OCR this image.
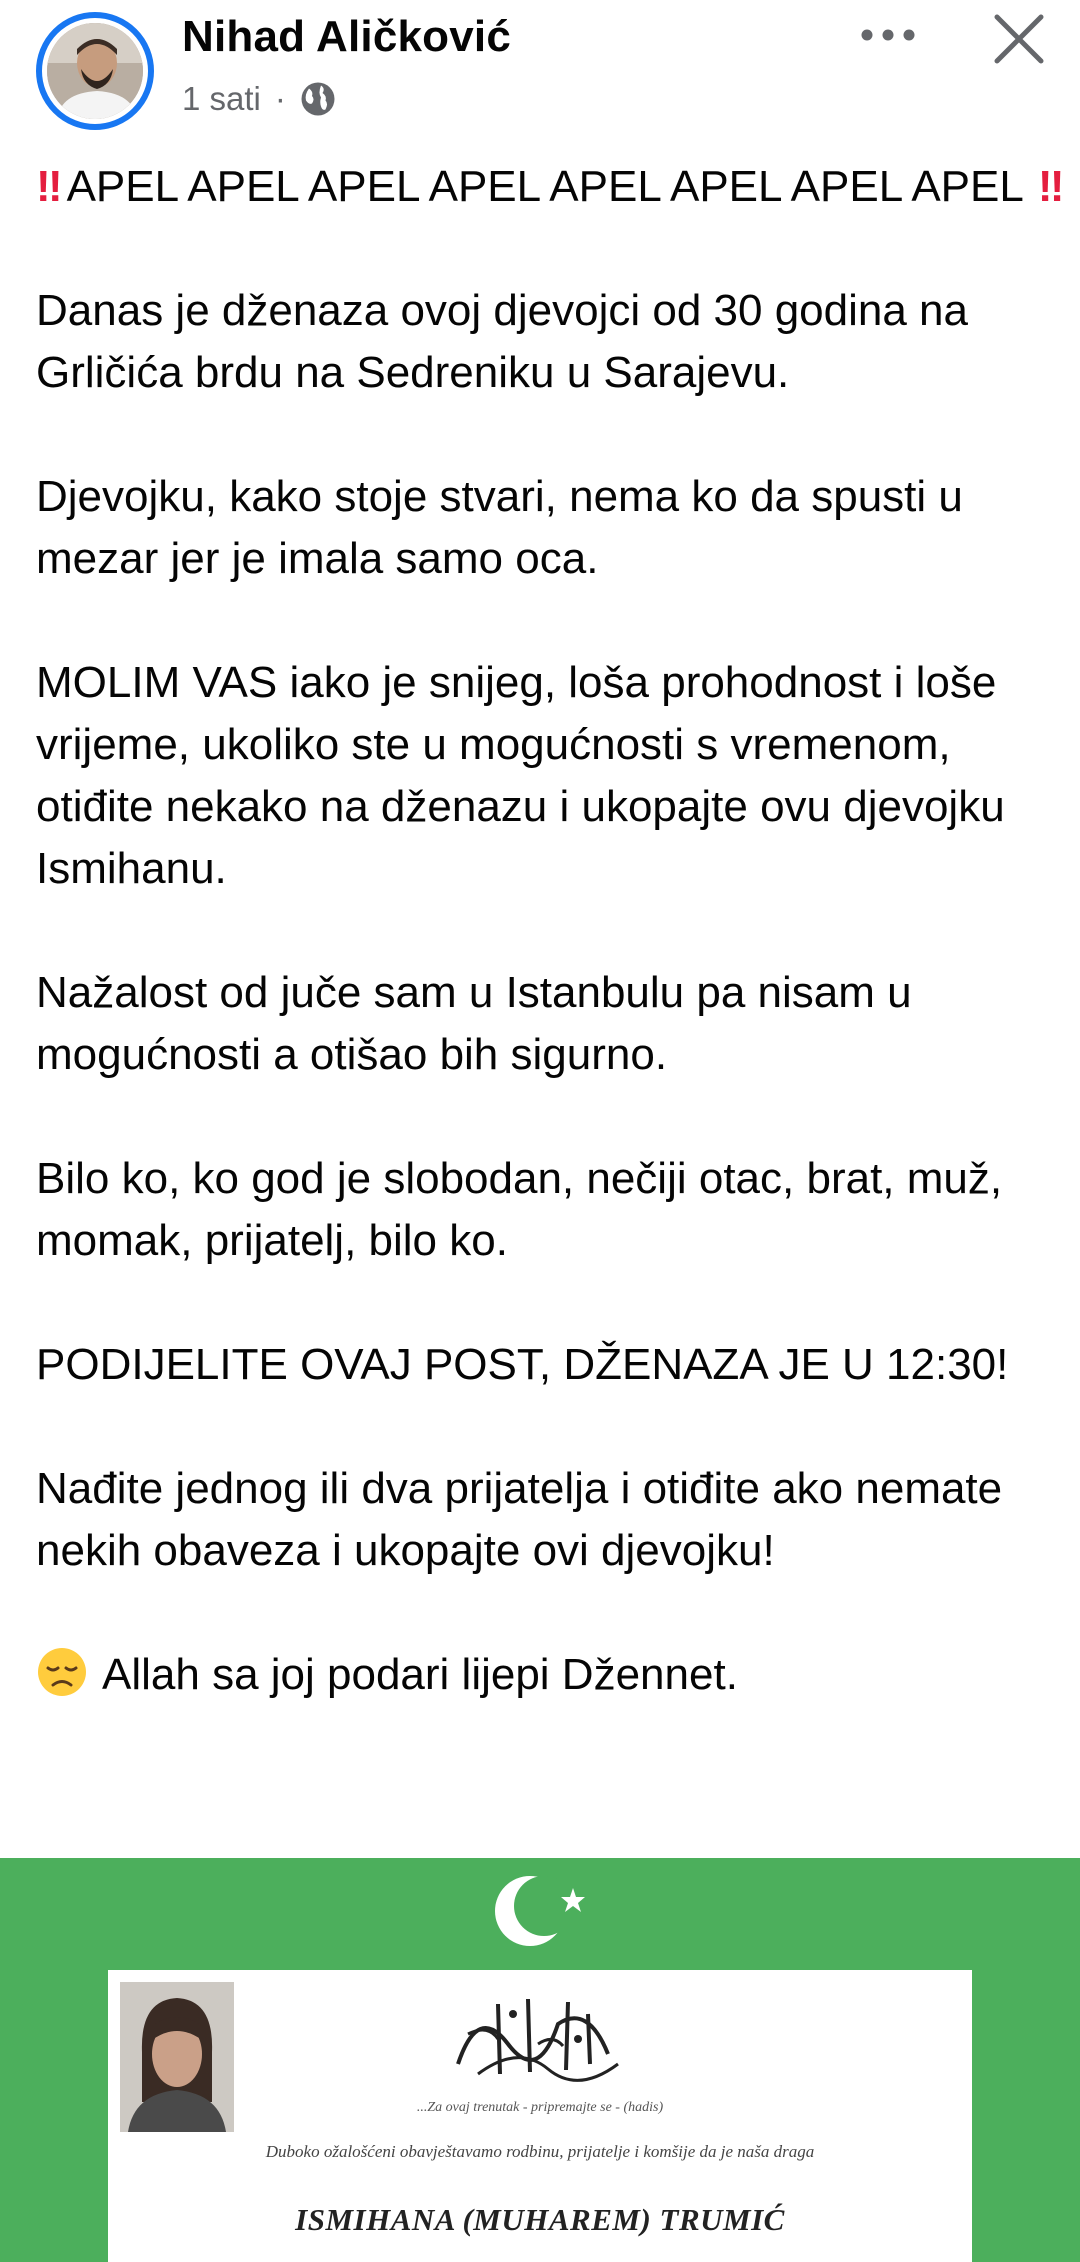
Nihad Aličković
1 sati ·

‼ APEL APEL APEL APEL APEL APEL APEL APEL ‼

Danas je dženaza ovoj djevojci od 30 godina na Grličića brdu na Sedreniku u Sarajevu.

Djevojku, kako stoje stvari, nema ko da spusti u mezar jer je imala samo oca.

MOLIM VAS iako je snijeg, loša prohodnost i loše vrijeme, ukoliko ste u mogućnosti s vremenom, otiđite nekako na dženazu i ukopajte ovu djevojku Ismihanu.

Nažalost od juče sam u Istanbulu pa nisam u mogućnosti a otišao bih sigurno.

Bilo ko, ko god je slobodan, nečiji otac, brat, muž, momak, prijatelj, bilo ko.

PODIJELITE OVAJ POST, DŽENAZA JE U 12:30!

Nađite jednog ili dva prijatelja i otiđite ako nemate nekih obaveza i ukopajte ovi djevojku!

Allah sa joj podari lijepi Džennet.

...Za ovaj trenutak - pripremajte se - (hadis)
Duboko ožalošćeni obavještavamo rodbinu, prijatelje i komšije da je naša draga
ISMIHANA (MUHAREM) TRUMIĆ
